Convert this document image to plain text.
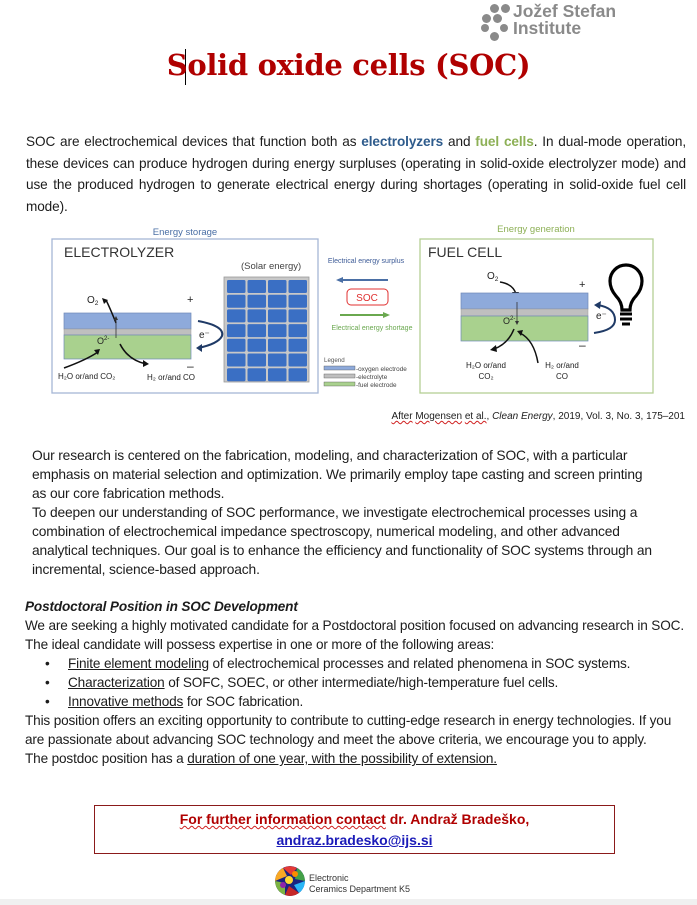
Jožef Stefan
Institute
Solid oxide cells (SOC)

SOC are electrochemical devices that function both as electrolyzers and fuel cells. In dual-mode operation, these devices can produce hydrogen during energy surpluses (operating in solid-oxide electrolyzer mode) and use the produced hydrogen to generate electrical energy during shortages (operating in solid-oxide fuel cell mode).

Energy storage
ELECTROLYZER
(Solar energy)
$O_2$
$O^{2-}$
+
–
e⁻
H₂O or/and CO₂	H₂ or/and CO
Electrical energy surplus
SOC
Electrical energy shortage
Legend
-oxygen electrode
-electrolyte
-fuel electrode
Energy generation
FUEL CELL
$O_2$
$O^{2-}$
+
–
e⁻
H₂O or/and
CO₂
H₂ or/and
CO
After Mogensen et al., Clean Energy, 2019, Vol. 3, No. 3, 175–201
Our research is centered on the fabrication, modeling, and characterization of SOC, with a particular
emphasis on material selection and optimization. We primarily employ tape casting and screen printing
as our core fabrication methods.
To deepen our understanding of SOC performance, we investigate electrochemical processes using a
combination of electrochemical impedance spectroscopy, numerical modeling, and other advanced
analytical techniques. Our goal is to enhance the efficiency and functionality of SOC systems through an
incremental, science-based approach.
Postdoctoral Position in SOC Development
We are seeking a highly motivated candidate for a Postdoctoral position focused on advancing research in SOC. The ideal candidate will possess expertise in one or more of the following areas:
• Finite element modeling of electrochemical processes and related phenomena in SOC systems.
• Characterization of SOFC, SOEC, or other intermediate/high-temperature fuel cells.
• Innovative methods for SOC fabrication.
This position offers an exciting opportunity to contribute to cutting-edge research in energy technologies. If you are passionate about advancing SOC technology and meet the above criteria, we encourage you to apply.
The postdoc position has a duration of one year, with the possibility of extension.
For further information contact dr. Andraž Bradeško,
andraz.bradesko@ijs.si
Electronic
Ceramics Department K5
